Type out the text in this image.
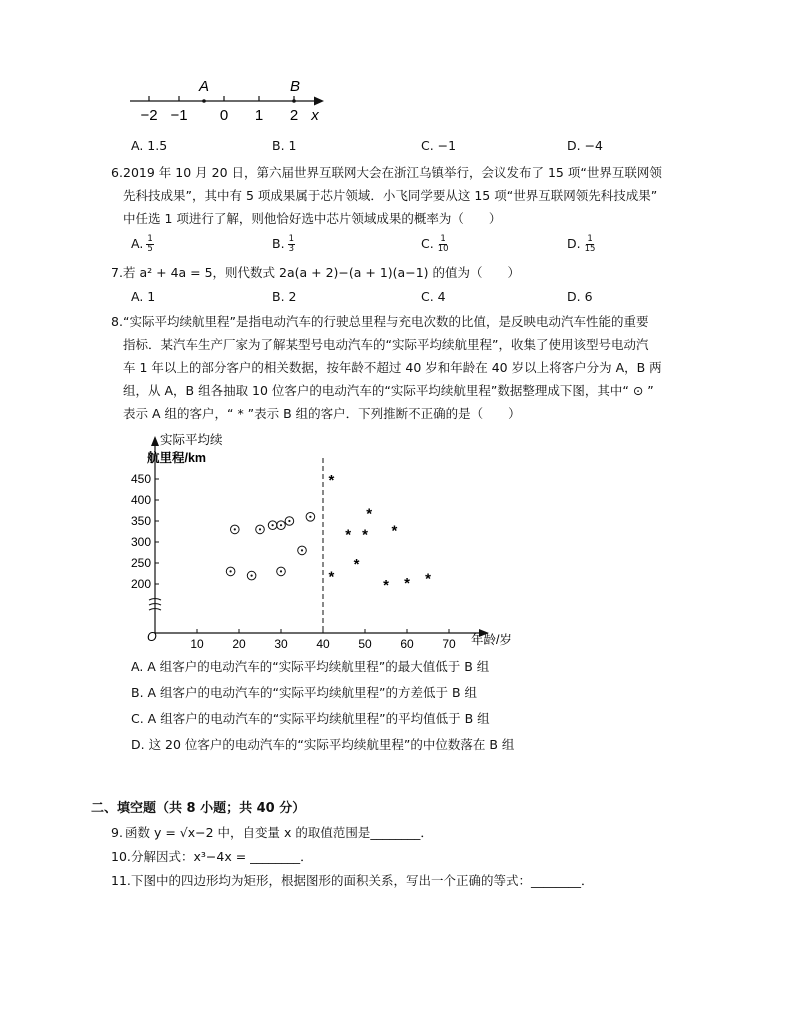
−2 −1 0 1 2
A	B
x
A. 1.5	B. 1	C. −1	D. −4
6. 2019 年 10 月 20 日，第六届世界互联网大会在浙江乌镇举行，会议发布了 15 项“世界互联网领
先科技成果”，其中有 5 项成果属于芯片领域．小飞同学要从这 15 项“世界互联网领先科技成果”
中任选 1 项进行了解，则他恰好选中芯片领域成果的概率为（　　）
A. $\frac{1}{5}$	B. $\frac{1}{3}$	C. $\frac{1}{10}$	D. $\frac{1}{15}$
7. 若 a² + 4a = 5，则代数式 2a(a + 2)−(a + 1)(a−1) 的值为（　　）
A. 1	B. 2	C. 4	D. 6
8. “实际平均续航里程”是指电动汽车的行驶总里程与充电次数的比值，是反映电动汽车性能的重要
指标．某汽车生产厂家为了解某型号电动汽车的“实际平均续航里程”，收集了使用该型号电动汽
车 1 年以上的部分客户的相关数据，按年龄不超过 40 岁和年龄在 40 岁以上将客户分为 A，B 两
组，从 A，B 组各抽取 10 位客户的电动汽车的“实际平均续航里程”数据整理成下图，其中“ ⊙ ”
表示 A 组的客户，“ * ”表示 B 组的客户．下列推断不正确的是（　　）
实际平均续
航里程/km
年龄/岁
O
200
250
300
350
400
450
10 20 30 40 50 60 70
*
*
*
*
*
*
*
* * *
A. A 组客户的电动汽车的“实际平均续航里程”的最大值低于 B 组
B. A 组客户的电动汽车的“实际平均续航里程”的方差低于 B 组
C. A 组客户的电动汽车的“实际平均续航里程”的平均值低于 B 组
D. 这 20 位客户的电动汽车的“实际平均续航里程”的中位数落在 B 组
二、填空题（共 8 小题；共 40 分）
9. 函数 y = √x−2 中，自变量 x 的取值范围是________．
10. 分解因式：x³−4x = ________．
11. 下图中的四边形均为矩形，根据图形的面积关系，写出一个正确的等式：________．
